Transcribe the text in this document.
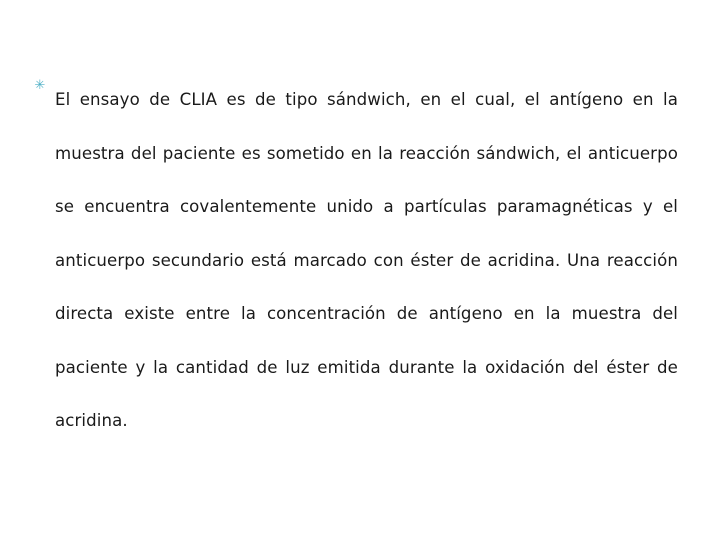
✳

El ensayo de CLIA es de tipo sándwich, en el cual, el antígeno en la muestra del paciente es sometido en la reacción sándwich, el anticuerpo se encuentra covalentemente unido a partículas paramagnéticas y el anticuerpo secundario está marcado con éster de acridina. Una reacción directa existe entre la concentración de antígeno en la muestra del paciente y la cantidad de luz emitida durante la oxidación del éster de acridina.
